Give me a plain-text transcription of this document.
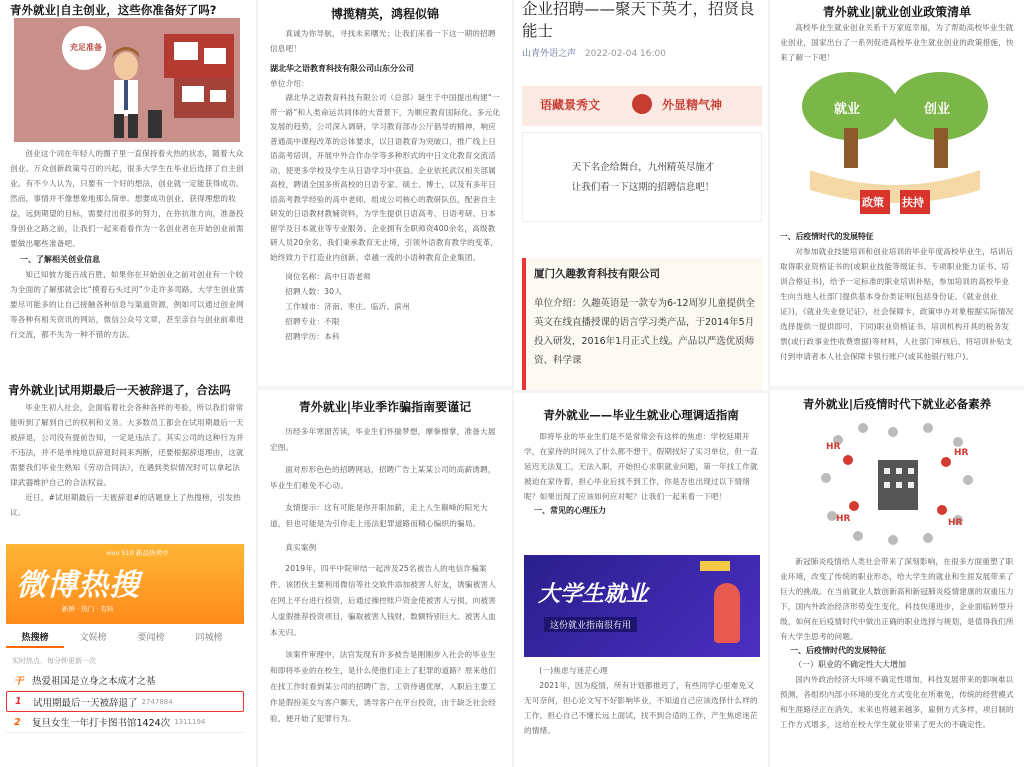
青外就业|自主创业，这些你准备好了吗?
充足准备

创业这个词在年轻人的圈子里一直保持着火热的状态，随着大众创业、万众创新政策号召的兴起，很多大学生在毕业后选择了自主创业。有不少人认为，只要有一个好的想法，创业就一定能获得成功。然而，事情并不像想象地那么简单。想要成功创业，获得理想的收益，远到期望的目标，需要付出很多的努力，在你抗准方向，准备投身创业之路之前，让我们一起来看看作为一名创业者在开始创业前需要做出哪些准备吧。

一、了解相关创业信息

知己知彼方能百战百胜，如果你在开始创业之前对创业有一个较为全面的了解那就会比“摸着石头过河”少走许多弯路。大学生创业需要尽可能多的让自己接触各种信息与渠道资源，例如可以通过创业网等各种有相关资讯的网站，微信公众号文章，甚至亲自与创业前辈进行交流，都不失为一种不错的方法。

青外就业|试用期最后一天被辞退了，合法吗

毕业生初入社会，会面临着社会各种各样的考验，所以我们常常能听到了解到自己的权利和义务。大多数员工都会在试用期最后一天被辞退，公司没有提前告知，一定是违法了。其实公司的这种行为并不违法，并不是单纯地以辞退时间来判断，还要根据辞退理由，这就需要我们毕业生熟知《劳动合同法》，在遇到类似情况时可以拿起法律武器维护自己的合法权益。

近日，#试用期最后一天被辞退#的话题登上了热搜榜，引发热议。

vivo S10 新品热卖中
微博热搜
新鲜 · 热门 · 有料
热搜榜	文娱榜	要闻榜	同城榜
实时热点，每分钟更新一次
干 热爱祖国是立身之本成才之基
1	试用期最后一天被辞退了 2747884
2	复旦女生一年打卡图书馆1424次 1311194
博揽精英，鸿程似锦

真诚为你导航，寻找未来曙光；让我们来看一下这一期的招聘信息吧！

湖北华之语教育科技有限公司山东分公司

单位介绍：

湖北华之语教育科技有限公司（总部）诞生于中国提出构建“一带一路”和人类命运共同体的大背景下，为顺应教育国际化、多元化发展的趋势，公司深入调研，学习教育部办公厅倡导的精神，响应普通高中课程改革的总体要求，以日语教育为突破口，推广线上日语高考培训，开展中外合作办学等多种形式的中日文化教育交流活动，使更多学校及学生从日语学习中获益。企业依托武汉相关部属高校，聘请全国多所高校的日语专家、硕士、博士，以及有多年日语高考教学经验的高中老师，组成公司核心的教研队伍，配套自主研发的日语教材教辅资料，为学生提供日语高考、日语考研、日本留学及日本就业等专业服务。企业拥有全职师资400余名，高级教研人员20余名，我们秉承教育无止境，引领外语教育教学的变革，始终致力于打造业内创新、卓越一流的小语种教育企业集团。

岗位名称：高中日语老师

招聘人数：30人

工作城市：济南、枣庄、临沂、滨州

招聘专业：不限

招聘学历：本科

青外就业|毕业季诈骗指南要谨记

历经多年寒窗苦读，毕业生们怀揣梦想，摩拳擦掌，准备大展宏图。

面对形形色色的招聘网站，招聘广告上某某公司的高薪诱聘，毕业生们难免不心动。

友情提示：这有可能是你开职加薪，走上人生巅峰的阳光大道，但也可能是为引你走上违法犯罪道路而精心编织的骗局。

真实案例

2019年，四平中院审结一起涉及25名被告人的电信诈骗案件。该团伙主要利用微信等社交软件添加被害人好友，诱骗被害人在网上平台进行投资，后通过操控账户资金使被害人亏损，向被害人虚假推荐投资项目，骗取被害人钱财，数额特别巨大。被害人血本无归。

该案件审理中，法官发现有许多被告是刚刚步入社会的毕业生和即将毕业的在校生，是什么使他们走上了犯罪的道路？原来他们在找工作时看到某公司的招聘广告，工资待遇优厚，入职后主要工作是假扮美女与客户聊天，诱导客户在平台投资，由于缺乏社会经验，便开始了犯罪行为。

企业招聘——聚天下英才，招贤良能士
山青外语之声 2022-02-04 16:00
语藏景秀文	外显精气神
天下名企给舞台，九州精英尽施才
让我们看一下这期的招聘信息吧！
厦门久趣教育科技有限公司

单位介绍：久趣英语是一款专为6-12周岁儿童提供全英文在线直播授课的语言学习类产品，于2014年5月投入研发，2016年1月正式上线。产品以严选优质师资、科学课

青外就业——毕业生就业心理调适指南

即将毕业的毕业生们是不是常常会有这样的焦虑：学校延期开学，在家待的时间久了什么都不想干，假期找好了实习单位，但一直延迟无法复工，无法入职，开始担心求职就业问题，第一年找工作就被迫在家待着，担心毕业后找不到工作，你是否也出现过以下情绪呢？如果出现了应该如何应对呢？让我们一起来看一下吧！

一、常见的心理压力

大学生就业
这份就业指南很有用

(一)焦虑与迷茫心理

2021年，因为疫情，所有计划都推迟了，有些同学心里难免又无可奈何，担心论文写不好影响毕业，不知道自己应该选择什么样的工作，担心自己不懂长远上面试，找不到合适的工作，产生焦虑迷茫的情绪。

青外就业|就业创业政策清单

高校毕业生就业创业关系千万家庭幸福，为了帮助高校毕业生就业创业，国家出台了一系列促进高校毕业生就业创业的政策措施，快来了解一下吧！

就业	创业
政策 扶持

一、后疫情时代的发展特征

对参加就业技能培训和创业培训的毕业年度高校毕业生，培训后取得职业资格证书的(或职业技能等级证书、专项职业能力证书、培训合格证书)，给予一定标准的职业培训补贴，参加培训的高校毕业生向当地人社部门提供基本身份类证明(包括身份证、《就业创业证》)，《就业失业登记证》，社会保障卡，政策申办对象根据实际情况选择提供一提供即可，下同)职业资格证书，培训机构开具的税务发票(或行政事业性收费票据)等材料，人社部门审核后，将培训补贴支付到申请者本人社会保障卡银行账户(或其他银行账户)。

青外就业|后疫情时代下就业必备素养
HR
HR
HR	HR

新冠肺炎疫情给人类社会带来了深刻影响，在很多方面重塑了职业环境，改变了传统的职业形态，给大学生的就业和生涯发展带来了巨大的挑战。在当前就业人数创新高和新冠肺炎疫情建康的双重压力下，国内外政治经济形势变生变化，科技快速进步，企业面临转型升级，如何在后疫情时代中做出正确的职业选择与规划，是值得我们所有大学生思考的问题。

一、后疫情时代的发展特征

（一）职业的不确定性大大增加

国内外政治经济大环境不确定性增加，科技发展带来的影响难以预测，各组织内部小环境的变化方式变化在所难免，传统的经营模式和生涯路径正在消失，未来也将越来越多，雇佣方式多样，项目制的工作方式增多，这给在校大学生就业带来了更大的不确定性。
